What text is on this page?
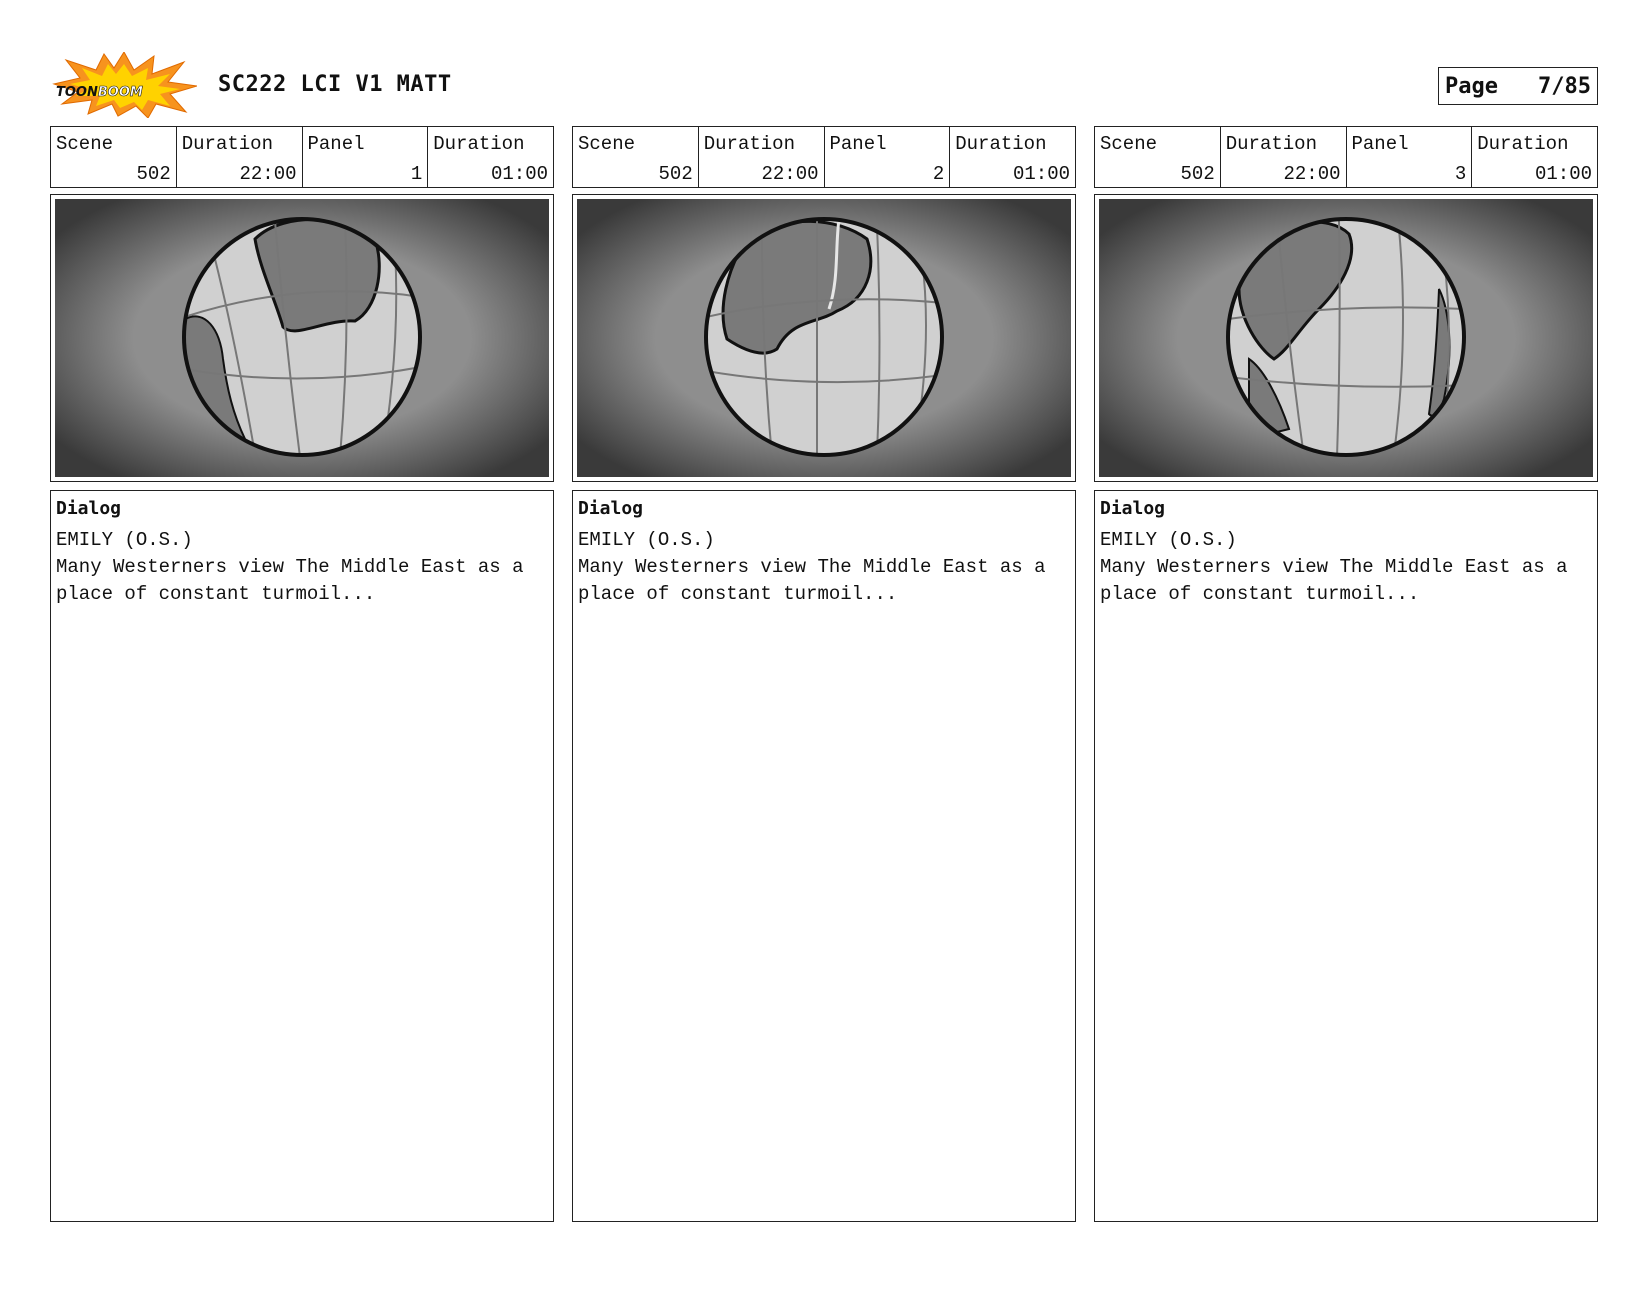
TOONBOOM	SC222 LCI V1 MATT	Page 7/85
Scene
502
Duration
22:00
Panel
1
Duration
01:00
Dialog
EMILY (O.S.)
Many Westerners view The Middle East as a place of constant turmoil...
Scene
502
Duration
22:00
Panel
2
Duration
01:00
Dialog
EMILY (O.S.)
Many Westerners view The Middle East as a place of constant turmoil...
Scene
502
Duration
22:00
Panel
3
Duration
01:00
Dialog
EMILY (O.S.)
Many Westerners view The Middle East as a place of constant turmoil...
